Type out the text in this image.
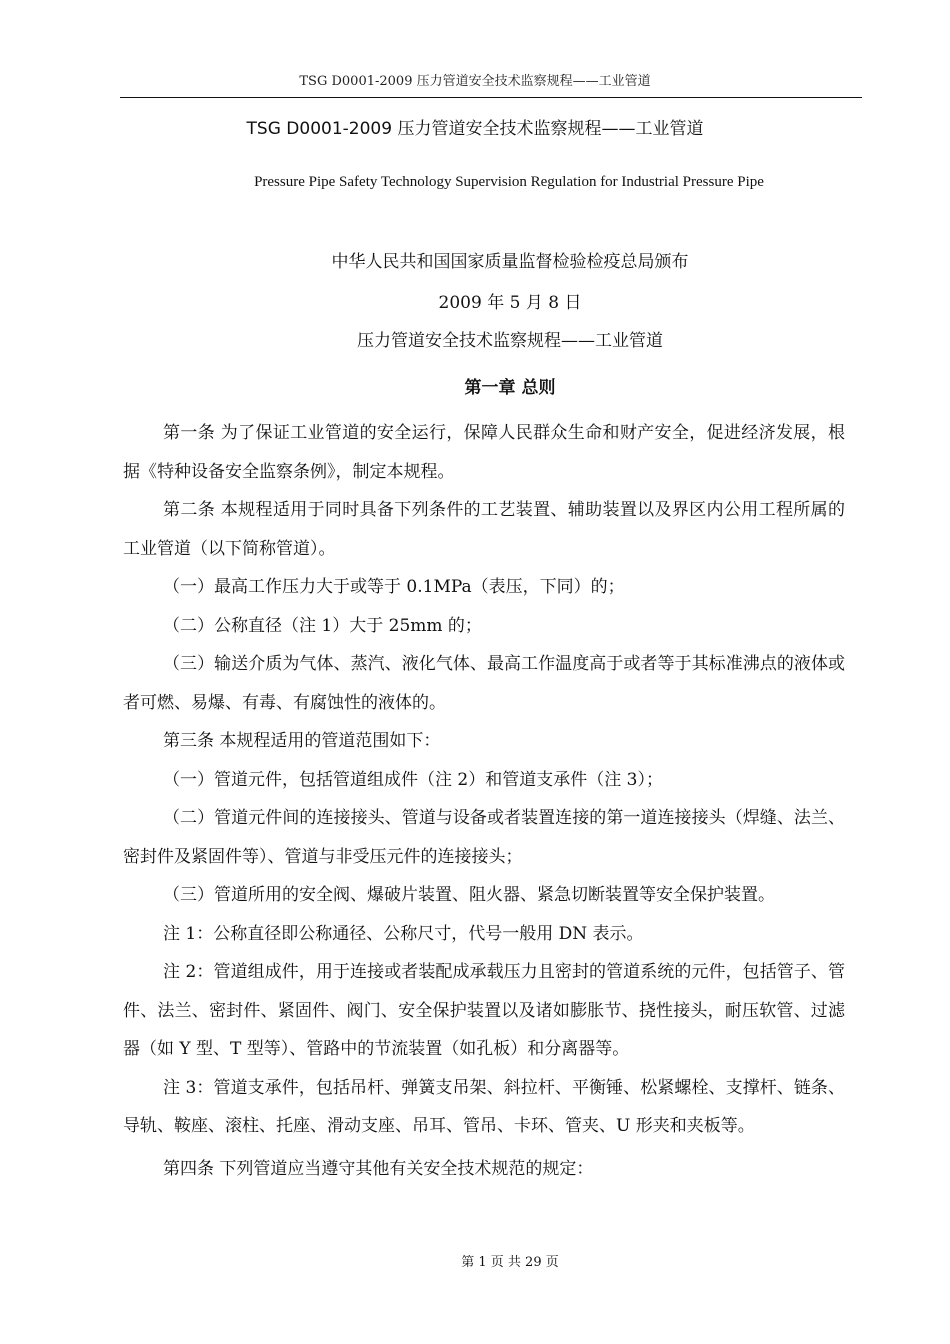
TSG D0001-2009 压力管道安全技术监察规程——工业管道
TSG D0001-2009 压力管道安全技术监察规程——工业管道
Pressure Pipe Safety Technology Supervision Regulation for Industrial Pressure Pipe
中华人民共和国国家质量监督检验检疫总局颁布
2009 年 5 月 8 日
压力管道安全技术监察规程——工业管道
第一章 总则

第一条 为了保证工业管道的安全运行，保障人民群众生命和财产安全，促进经济发展，根据《特种设备安全监察条例》，制定本规程。

第二条 本规程适用于同时具备下列条件的工艺装置、辅助装置以及界区内公用工程所属的工业管道（以下简称管道）。

（一）最高工作压力大于或等于 0.1MPa（表压，下同）的；

（二）公称直径（注 1）大于 25mm 的；

（三）输送介质为气体、蒸汽、液化气体、最高工作温度高于或者等于其标准沸点的液体或者可燃、易爆、有毒、有腐蚀性的液体的。

第三条 本规程适用的管道范围如下：

（一）管道元件，包括管道组成件（注 2）和管道支承件（注 3）；

（二）管道元件间的连接接头、管道与设备或者装置连接的第一道连接接头（焊缝、法兰、密封件及紧固件等）、管道与非受压元件的连接接头；

（三）管道所用的安全阀、爆破片装置、阻火器、紧急切断装置等安全保护装置。

注 1：公称直径即公称通径、公称尺寸，代号一般用 DN 表示。

注 2：管道组成件，用于连接或者装配成承载压力且密封的管道系统的元件，包括管子、管件、法兰、密封件、紧固件、阀门、安全保护装置以及诸如膨胀节、挠性接头，耐压软管、过滤器（如 Y 型、T 型等）、管路中的节流装置（如孔板）和分离器等。

注 3：管道支承件，包括吊杆、弹簧支吊架、斜拉杆、平衡锤、松紧螺栓、支撑杆、链条、导轨、鞍座、滚柱、托座、滑动支座、吊耳、管吊、卡环、管夹、U 形夹和夹板等。

第四条 下列管道应当遵守其他有关安全技术规范的规定：

第 1 页 共 29 页
